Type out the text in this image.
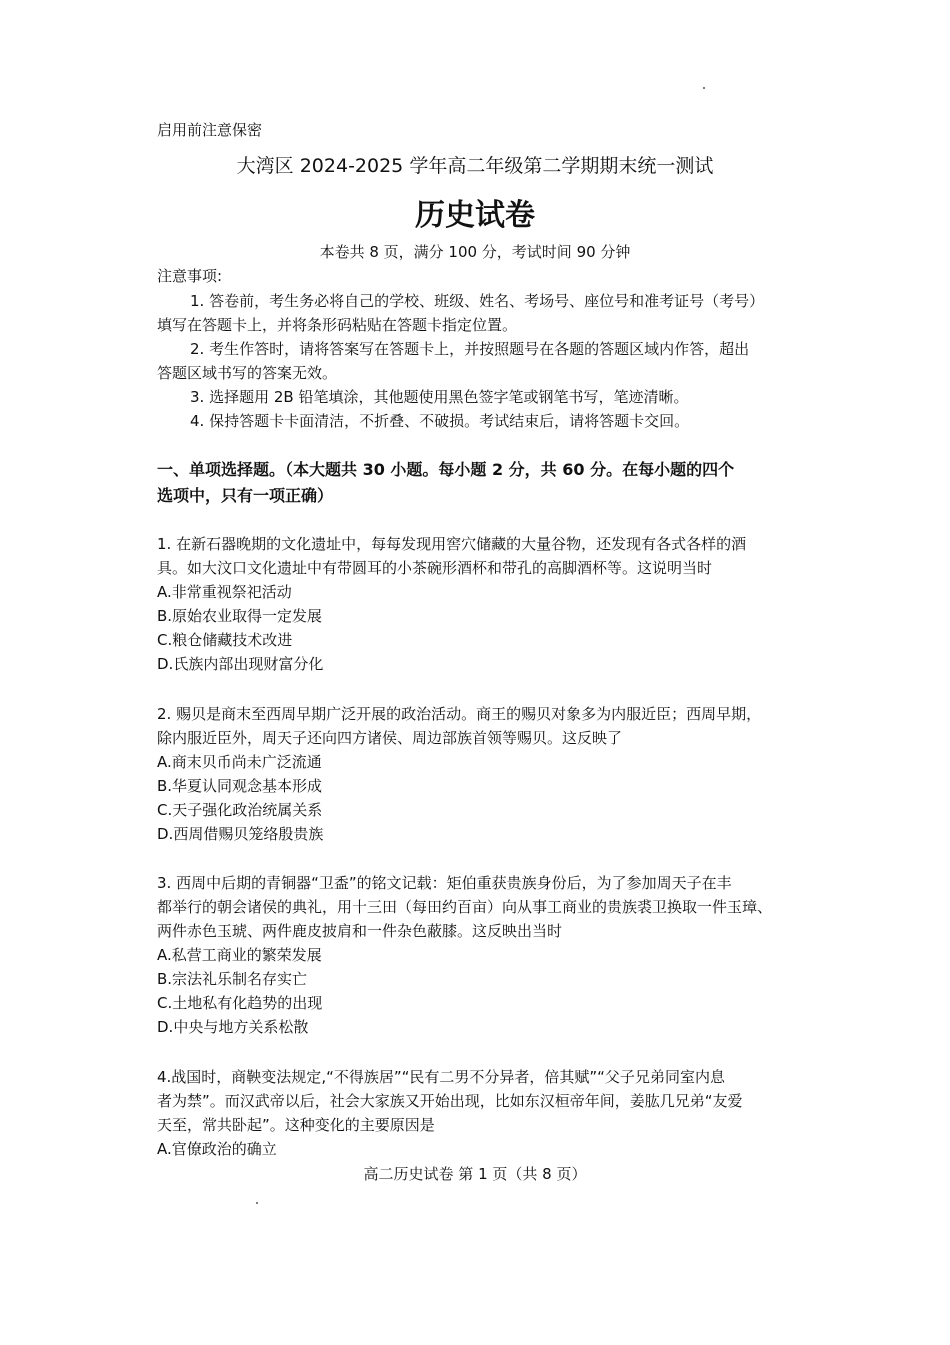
启用前注意保密
大湾区 2024-2025 学年高二年级第二学期期末统一测试
历史试卷
本卷共 8 页，满分 100 分，考试时间 90 分钟
注意事项:
1. 答卷前，考生务必将自己的学校、班级、姓名、考场号、座位号和准考证号（考号）
填写在答题卡上，并将条形码粘贴在答题卡指定位置。
2. 考生作答时，请将答案写在答题卡上，并按照题号在各题的答题区域内作答，超出
答题区域书写的答案无效。
3. 选择题用 2B 铅笔填涂，其他题使用黑色签字笔或钢笔书写，笔迹清晰。
4. 保持答题卡卡面清洁，不折叠、不破损。考试结束后，请将答题卡交回。
一、单项选择题。（本大题共 30 小题。每小题 2 分，共 60 分。在每小题的四个
选项中，只有一项正确）
1. 在新石器晚期的文化遗址中，每每发现用窖穴储藏的大量谷物，还发现有各式各样的酒
具。如大汶口文化遗址中有带圆耳的小茶碗形酒杯和带孔的高脚酒杯等。这说明当时
A.非常重视祭祀活动
B.原始农业取得一定发展
C.粮仓储藏技术改进
D.氏族内部出现财富分化
2. 赐贝是商末至西周早期广泛开展的政治活动。商王的赐贝对象多为内服近臣；西周早期，
除内服近臣外，周天子还向四方诸侯、周边部族首领等赐贝。这反映了
A.商末贝币尚未广泛流通
B.华夏认同观念基本形成
C.天子强化政治统属关系
D.西周借赐贝笼络殷贵族
3. 西周中后期的青铜器“卫盉”的铭文记载：矩伯重获贵族身份后，为了参加周天子在丰
都举行的朝会诸侯的典礼，用十三田（每田约百亩）向从事工商业的贵族裘卫换取一件玉璋、
两件赤色玉琥、两件鹿皮披肩和一件杂色蔽膝。这反映出当时
A.私营工商业的繁荣发展
B.宗法礼乐制名存实亡
C.土地私有化趋势的出现
D.中央与地方关系松散
4.战国时，商鞅变法规定,“不得族居”“民有二男不分异者，倍其赋”“父子兄弟同室内息
者为禁”。而汉武帝以后，社会大家族又开始出现，比如东汉桓帝年间，姜肱几兄弟“友爱
天至，常共卧起”。这种变化的主要原因是
A.官僚政治的确立
高二历史试卷 第 1 页（共 8 页）
